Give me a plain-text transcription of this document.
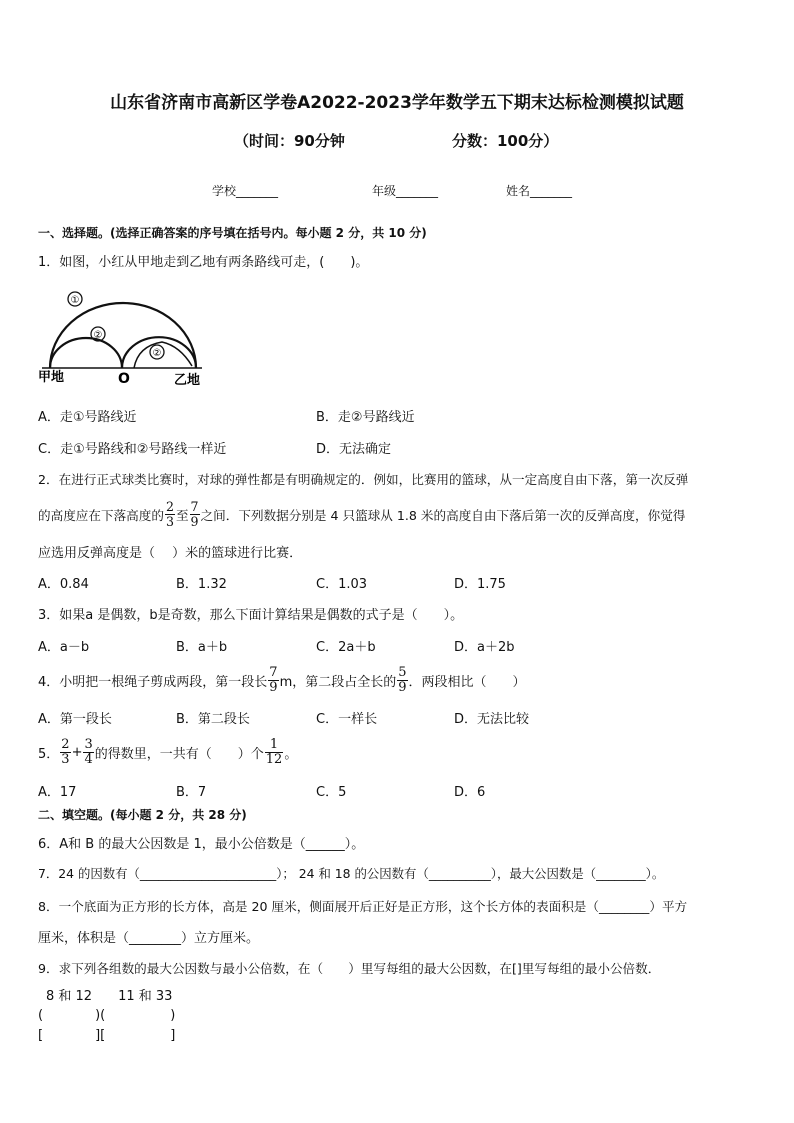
山东省济南市高新区学卷A2022-2023学年数学五下期末达标检测模拟试题
（时间：90分钟	分数：100分）
学校_______	年级_______	姓名_______
一、选择题。(选择正确答案的序号填在括号内。每小题 2 分，共 10 分)
1．如图，小红从甲地走到乙地有两条路线可走，(　　)。
①
②
②
甲地	O	乙地
A．走①号路线近	B．走②号路线近
C．走①号路线和②号路线一样近	D．无法确定
2．在进行正式球类比赛时，对球的弹性都是有明确规定的．例如，比赛用的篮球，从一定高度自由下落，第一次反弹
的高度应在下落高度的 $\frac{2}{3}$ 至 $\frac{7}{9}$ 之间．下列数据分别是 4 只篮球从 1.8 米的高度自由下落后第一次的反弹高度，你觉得
应选用反弹高度是（　 ）米的篮球进行比赛．
A．0.84	B．1.32	C．1.03	D．1.75
3．如果a 是偶数，b是奇数，那么下面计算结果是偶数的式子是（　　）。
A．a－b	B．a＋b	C．2a＋b	D．a＋2b
4．小明把一根绳子剪成两段，第一段长 $\frac{7}{9}$ m，第二段占全长的 $\frac{5}{9}$ ．两段相比（　　）
A．第一段长	B．第二段长	C．一样长	D．无法比较
5． $\frac{2}{3} + \frac{3}{4}$ 的得数里，一共有（　　）个 $\frac{1}{12}$ 。
A．17	B．7	C．5	D．6
二、填空题。(每小题 2 分，共 28 分)
6．A和 B 的最大公因数是 1，最小公倍数是（______）。
7．24 的因数有（______________________）； 24 和 18 的公因数有（__________），最大公因数是（________）。
8．一个底面为正方形的长方体，高是 20 厘米，侧面展开后正好是正方形，这个长方体的表面积是（________）平方
厘米，体积是（________）立方厘米。
9．求下列各组数的最大公因数与最小公倍数，在（　　）里写每组的最大公因数，在[]里写每组的最小公倍数．
8 和 12　　11 和 33
(　　　　)(　　　　　)
[　　　　][　　　　　]
